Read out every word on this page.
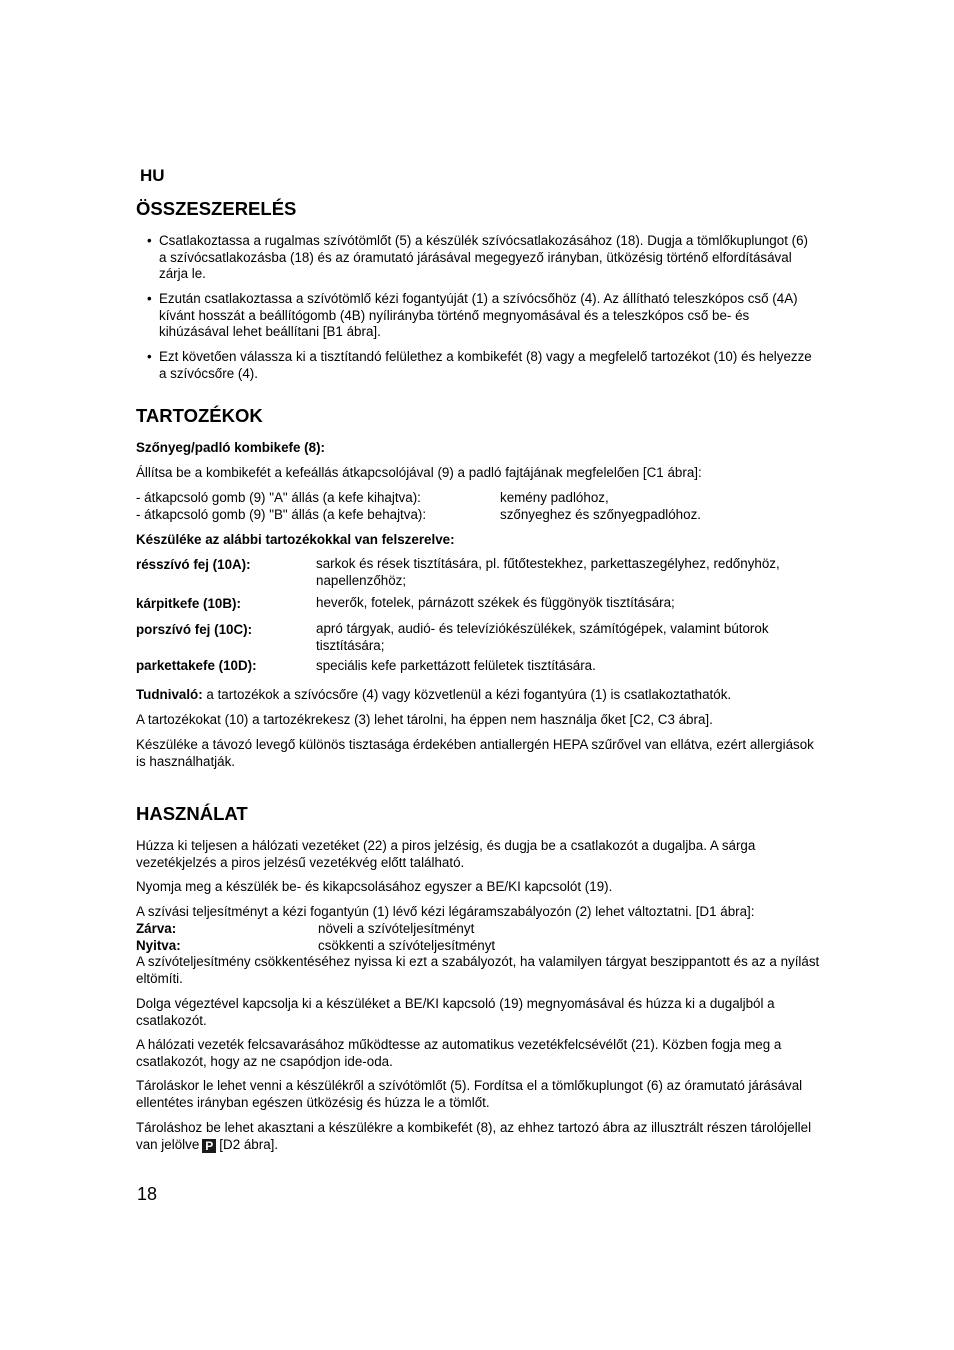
HU
ÖSSZESZERELÉS
• Csatlakoztassa a rugalmas szívótömlőt (5) a készülék szívócsatlakozásához (18). Dugja a tömlőkuplungot (6) a szívócsatlakozásba (18) és az óramutató járásával megegyező irányban, ütközésig történő elfordításával zárja le.
• Ezután csatlakoztassa a szívótömlő kézi fogantyúját (1) a szívócsőhöz (4). Az állítható teleszkópos cső (4A) kívánt hosszát a beállítógomb (4B) nyílirányba történő megnyomásával és a teleszkópos cső be- és kihúzásával lehet beállítani [B1 ábra].
• Ezt követően válassza ki a tisztítandó felülethez a kombikefét (8) vagy a megfelelő tartozékot (10) és helyezze a szívócsőre (4).
TARTOZÉKOK
Szőnyeg/padló kombikefe (8):
Állítsa be a kombikefét a kefeállás átkapcsolójával (9) a padló fajtájának megfelelően [C1 ábra]:
- átkapcsoló gomb (9) "A" állás (a kefe kihajtva):	kemény padlóhoz,
- átkapcsoló gomb (9) "B" állás (a kefe behajtva):	szőnyeghez és szőnyegpadlóhoz.
Készüléke az alábbi tartozékokkal van felszerelve:
résszívó fej (10A):	sarkok és rések tisztítására, pl. fűtőtestekhez, parkettaszegélyhez, redőnyhöz, napellenzőhöz;
kárpitkefe (10B):	heverők, fotelek, párnázott székek és függönyök tisztítására;
porszívó fej (10C):	apró tárgyak, audió- és televíziókészülékek, számítógépek, valamint bútorok tisztítására;
parkettakefe (10D):	speciális kefe parkettázott felületek tisztítására.
Tudnivaló: a tartozékok a szívócsőre (4) vagy közvetlenül a kézi fogantyúra (1) is csatlakoztathatók.
A tartozékokat (10) a tartozékrekesz (3) lehet tárolni, ha éppen nem használja őket [C2, C3 ábra].
Készüléke a távozó levegő különös tisztasága érdekében antiallergén HEPA szűrővel van ellátva, ezért allergiások is használhatják.
HASZNÁLAT
Húzza ki teljesen a hálózati vezetéket (22) a piros jelzésig, és dugja be a csatlakozót a dugaljba. A sárga vezetékjelzés a piros jelzésű vezetékvég előtt található.
Nyomja meg a készülék be- és kikapcsolásához egyszer a BE/KI kapcsolót (19).
A szívási teljesítményt a kézi fogantyún (1) lévő kézi légáramszabályozón (2) lehet változtatni. [D1 ábra]:
Zárva:	növeli a szívóteljesítményt
Nyitva:	csökkenti a szívóteljesítményt
A szívóteljesítmény csökkentéséhez nyissa ki ezt a szabályozót, ha valamilyen tárgyat beszippantott és az a nyílást eltömíti.
Dolga végeztével kapcsolja ki a készüléket a BE/KI kapcsoló (19) megnyomásával és húzza ki a dugaljból a csatlakozót.
A hálózati vezeték felcsavarásához működtesse az automatikus vezetékfelcsévélőt (21). Közben fogja meg a csatlakozót, hogy az ne csapódjon ide-oda.
Tároláskor le lehet venni a készülékről a szívótömlőt (5). Fordítsa el a tömlőkuplungot (6) az óramutató járásával ellentétes irányban egészen ütközésig és húzza le a tömlőt.
Tároláshoz be lehet akasztani a készülékre a kombikefét (8), az ehhez tartozó ábra az illusztrált részen tárolójellel van jelölve P [D2 ábra].
18
